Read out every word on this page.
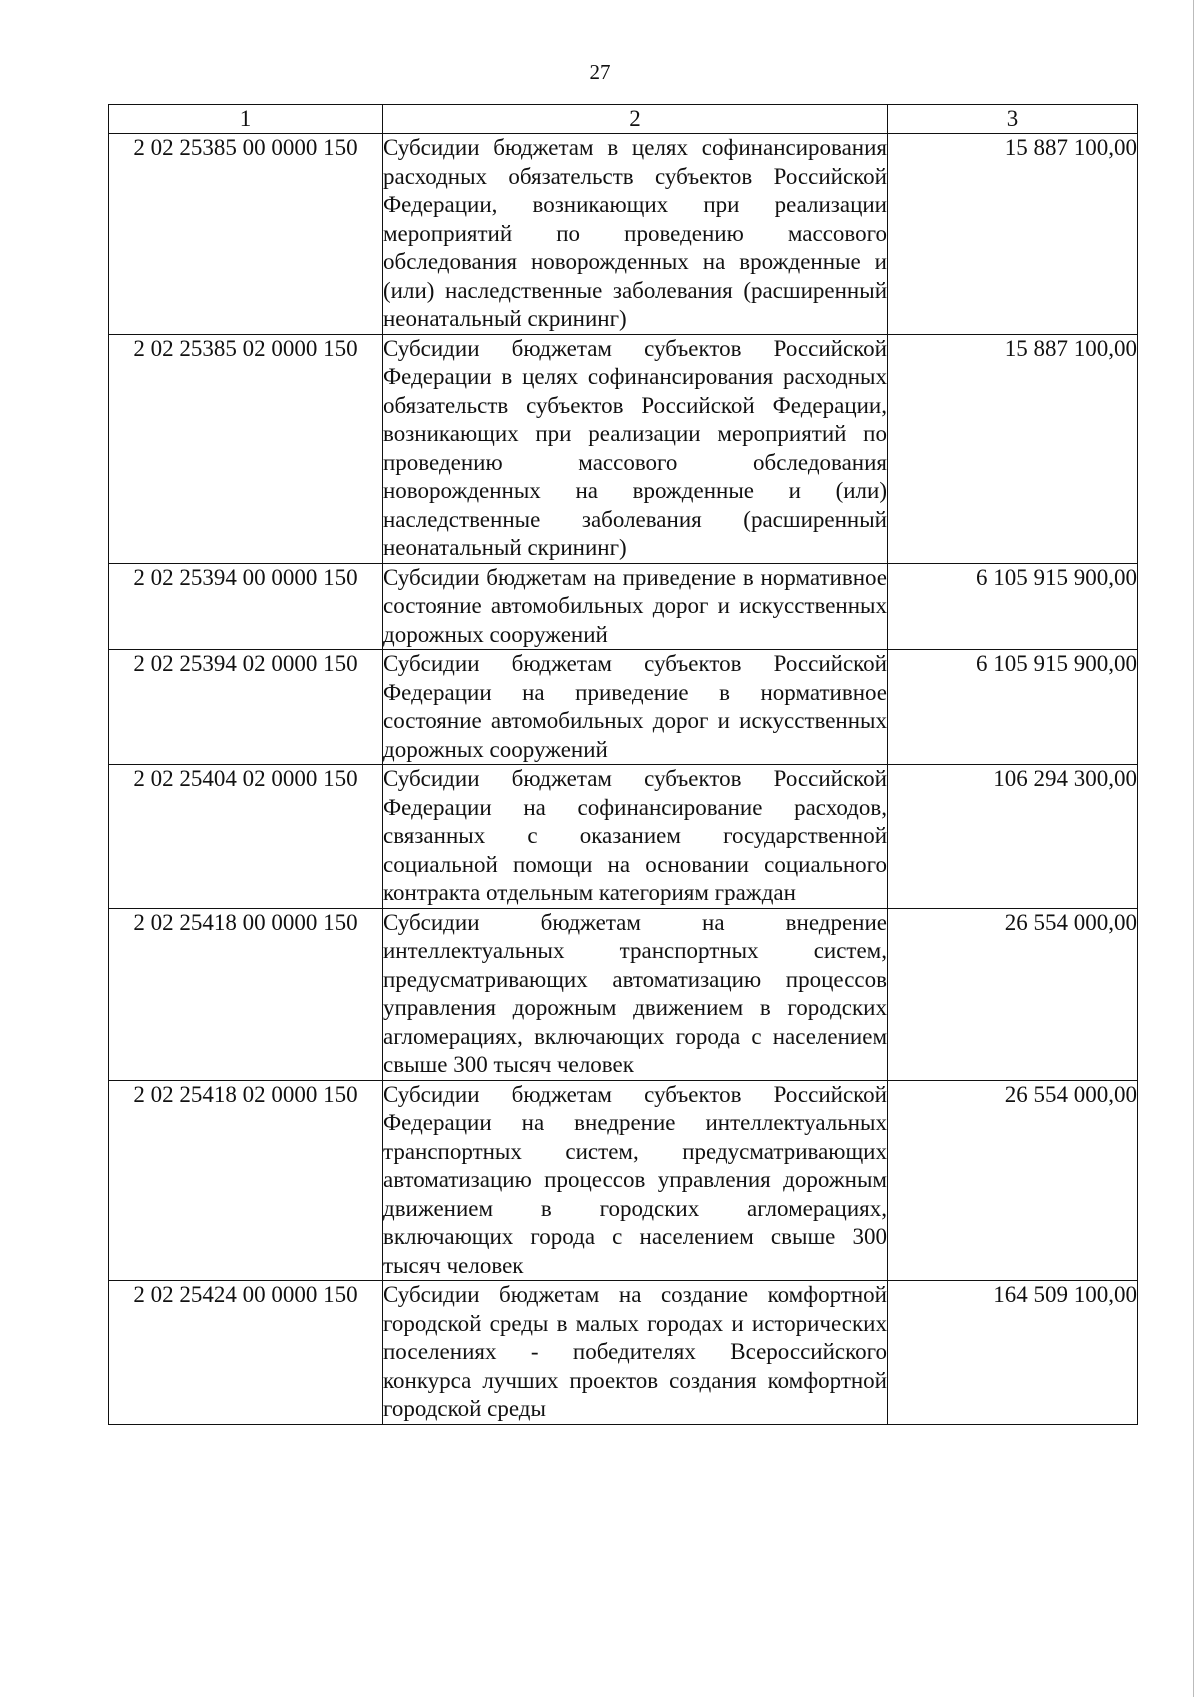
27
1	2	3
2 02 25385 00 0000 150	Субсидии бюджетам в целях софинансирования расходных обязательств субъектов Российской Федерации, возникающих при реализации мероприятий по проведению массового обследования новорожденных на врожденные и (или) наследственные заболевания (расширенный неонатальный скрининг)	15 887 100,00
2 02 25385 02 0000 150	Субсидии бюджетам субъектов Российской Федерации в целях софинансирования расходных обязательств субъектов Российской Федерации, возникающих при реализации мероприятий по проведению массового обследования новорожденных на врожденные и (или) наследственные заболевания (расширенный неонатальный скрининг)	15 887 100,00
2 02 25394 00 0000 150	Субсидии бюджетам на приведение в нормативное состояние автомобильных дорог и искусственных дорожных сооружений	6 105 915 900,00
2 02 25394 02 0000 150	Субсидии бюджетам субъектов Российской Федерации на приведение в нормативное состояние автомобильных дорог и искусственных дорожных сооружений	6 105 915 900,00
2 02 25404 02 0000 150	Субсидии бюджетам субъектов Российской Федерации на софинансирование расходов, связанных с оказанием государственной социальной помощи на основании социального контракта отдельным категориям граждан	106 294 300,00
2 02 25418 00 0000 150	Субсидии бюджетам на внедрение интеллектуальных транспортных систем, предусматривающих автоматизацию процессов управления дорожным движением в городских агломерациях, включающих города с населением свыше 300 тысяч человек	26 554 000,00
2 02 25418 02 0000 150	Субсидии бюджетам субъектов Российской Федерации на внедрение интеллектуальных транспортных систем, предусматривающих автоматизацию процессов управления дорожным движением в городских агломерациях, включающих города с населением свыше 300 тысяч человек	26 554 000,00
2 02 25424 00 0000 150	Субсидии бюджетам на создание комфортной городской среды в малых городах и исторических поселениях - победителях Всероссийского конкурса лучших проектов создания комфортной городской среды	164 509 100,00
